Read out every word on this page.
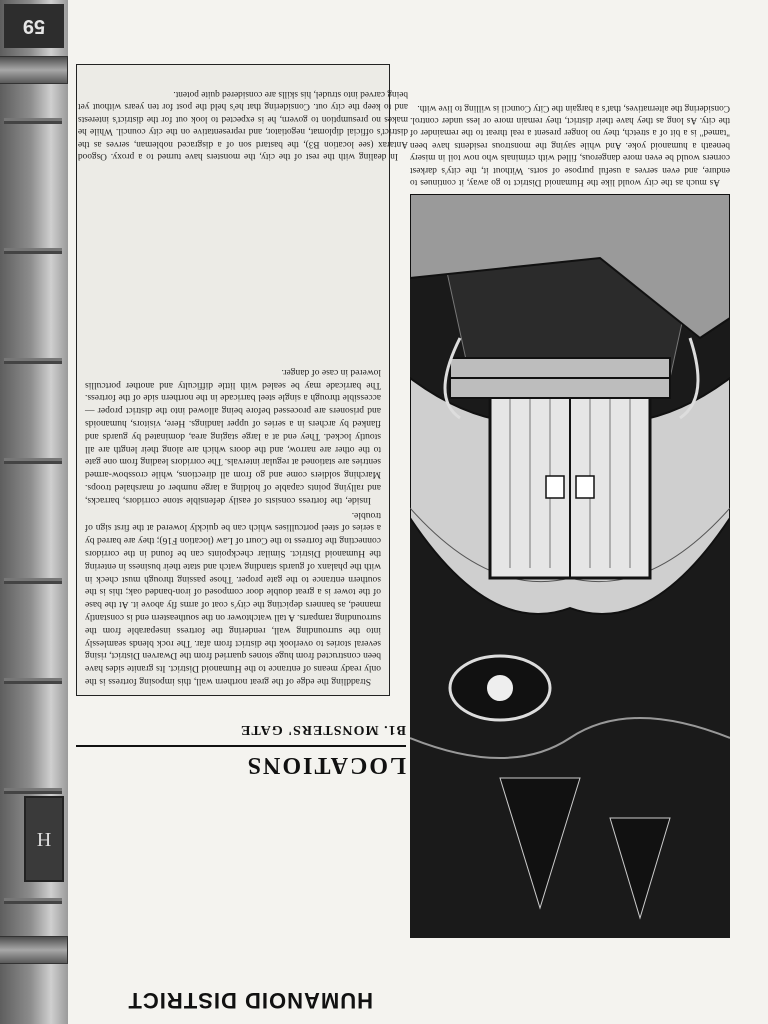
H
59
HUMANOID DISTRICT

As much as the city would like the Humanoid District to go away, it continues to endure, and even serves a useful purpose of sorts. Without it, the city's darkest corners would be even more dangerous, filled with criminals who now toil in misery beneath a humanoid yoke. And while saying the monstrous residents have been "tamed" is a bit of a stretch, they no longer present a real threat to the remainder of the city. As long as they have their district, they remain more or less under control. Considering the alternatives, that's a bargain the City Council is willing to live with.

LOCATIONS
B1. MONSTERS' GATE

Straddling the edge of the great northern wall, this imposing fortress is the only ready means of entrance to the Humanoid District. Its granite sides have been constructed from huge stones quarried from the Dwarven District, rising several stories to overlook the district from afar. The rock blends seamlessly into the surrounding wall, rendering the fortress inseparable from the surrounding ramparts. A tall watchtower on the southeastern end is constantly manned, as banners depicting the city's coat of arms fly above it. At the base of the tower is a great double door composed of iron-banded oak; this is the southern entrance to the gate proper. Those passing through must check in with the phalanx of guards standing watch and state their business in entering the Humanoid District. Similar checkpoints can be found in the corridors connecting the fortress to the Court of Law (location F16); they are barred by a series of steel portcullises which can be quickly lowered at the first sign of trouble.

Inside, the fortress consists of easily defensible stone corridors, barracks, and rallying points capable of holding a large number of marshaled troops. Marching soldiers come and go from all directions, while crossbow-armed sentries are stationed at regular intervals. The corridors leading from one gate to the other are narrow, and the doors which are along their length are all stoutly locked. They end at a large staging area, dominated by guards and flanked by archers in a series of upper landings. Here, visitors, humanoids and prisoners are processed before being allowed into the district proper — accessible through a single steel barricade in the northern side of the fortress. The barricade may be sealed with little difficulty and another portcullis lowered in case of danger.

In dealing with the rest of the city, the monsters have turned to a proxy. Osgood Antarax (see location B3), the bastard son of a disgraced nobleman, serves as the district's official diplomat, negotiator, and representative on the city council. While he makes no presumption to govern, he is expected to look out for the district's interests and to keep the city out. Considering that he's held the post for ten years without yet being carved into strudel, his skills are considered quite potent.
